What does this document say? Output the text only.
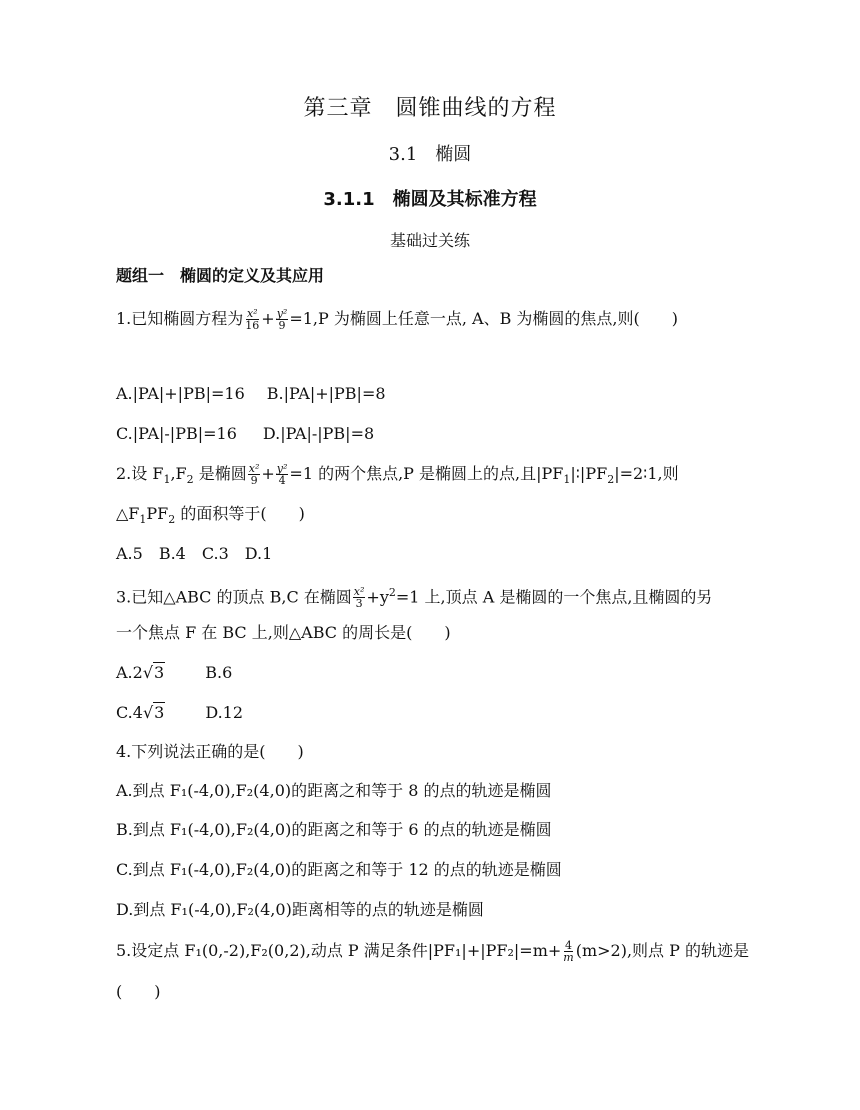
第三章　圆锥曲线的方程
3.1　椭圆
3.1.1　椭圆及其标准方程
基础过关练
题组一　椭圆的定义及其应用
1.已知椭圆方程为 $\frac{\text{x²}}{16} + \frac{\text{y²}}{9} =1,P$ 为椭圆上任意一点, A、B 为椭圆的焦点,则(　　)
A.|PA|+|PB|=16 B.|PA|+|PB|=8
C.|PA|-|PB|=16 D.|PA|-|PB|=8
2.设 $F_1,F_2$ 是椭圆 $\frac{\text{x²}}{9} + \frac{\text{y²}}{4} =1$ 的两个焦点,P 是椭圆上的点,且$|PF_1|∶|PF_2|=2∶1$,则
$\triangle F_1PF_2$ 的面积等于(　　)
A.5　B.4　C.3　D.1
3.已知△ABC 的顶点 B,C 在椭圆 $\frac{\text{x²}}{3} +y^2=1$ 上,顶点 A 是椭圆的一个焦点,且椭圆的另
一个焦点 F 在 BC 上,则△ABC 的周长是(　　)
A.2√3	B.6
C.4√3	D.12
4.下列说法正确的是(　　)
A.到点 F₁(-4,0),F₂(4,0)的距离之和等于 8 的点的轨迹是椭圆
B.到点 F₁(-4,0),F₂(4,0)的距离之和等于 6 的点的轨迹是椭圆
C.到点 F₁(-4,0),F₂(4,0)的距离之和等于 12 的点的轨迹是椭圆
D.到点 F₁(-4,0),F₂(4,0)距离相等的点的轨迹是椭圆
5.设定点 F₁(0,-2),F₂(0,2),动点 P 满足条件$|PF_1|+|PF_2|=m+ \frac{4}{m} (m>2)$,则点 P 的轨迹是
(　　)
